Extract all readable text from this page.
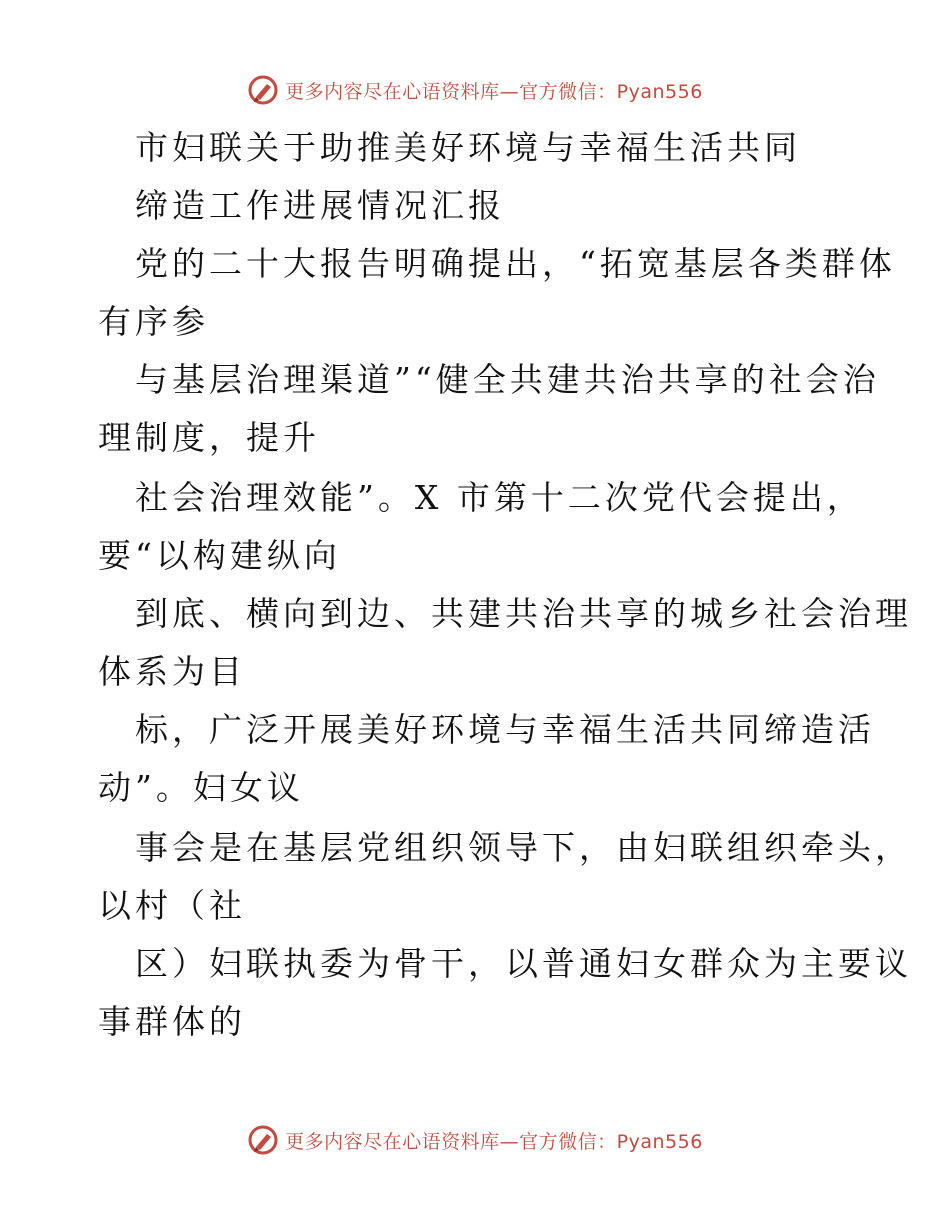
更多内容尽在心语资料库—官方微信：Pyan556
市妇联关于助推美好环境与幸福生活共同
缔造工作进展情况汇报
党的二十大报告明确提出，“拓宽基层各类群体
有序参
与基层治理渠道”“健全共建共治共享的社会治
理制度，提升
社会治理效能”。X 市第十二次党代会提出，
要“以构建纵向
到底、横向到边、共建共治共享的城乡社会治理
体系为目
标，广泛开展美好环境与幸福生活共同缔造活
动”。妇女议
事会是在基层党组织领导下，由妇联组织牵头，
以村（社
区）妇联执委为骨干，以普通妇女群众为主要议
事群体的
更多内容尽在心语资料库—官方微信：Pyan556
